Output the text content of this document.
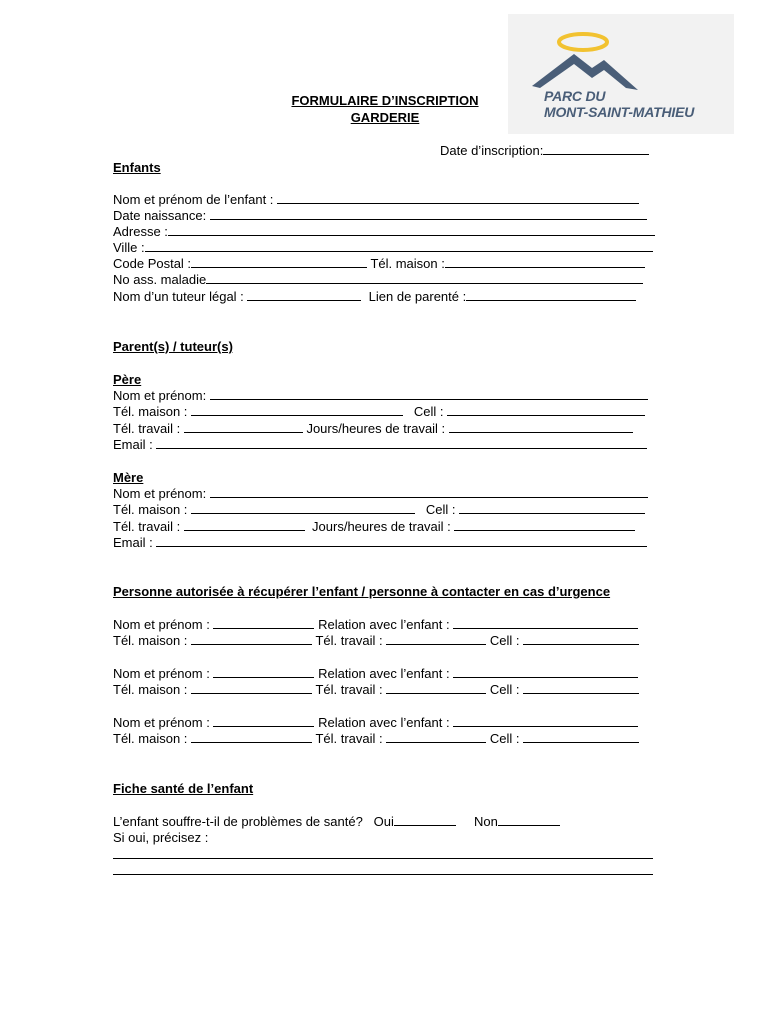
PARC DU
MONT-SAINT-MATHIEU
FORMULAIRE D’INSCRIPTION
GARDERIE
Date d’inscription:
Enfants
Nom et prénom de l’enfant :
Date naissance:
Adresse :
Ville :
Code Postal :	Tél. maison :
No ass. maladie
Nom d’un tuteur légal :	Lien de parenté :
Parent(s) / tuteur(s)
Père
Nom et prénom:
Tél. maison :	Cell :
Tél. travail :	Jours/heures de travail :
Email :
Mère
Nom et prénom:
Tél. maison :	Cell :
Tél. travail :	Jours/heures de travail :
Email :
Personne autorisée à récupérer l’enfant / personne à contacter en cas d’urgence
Nom et prénom :	Relation avec l’enfant :
Tél. maison :	Tél. travail :	Cell :
Nom et prénom :	Relation avec l’enfant :
Tél. maison :	Tél. travail :	Cell :
Nom et prénom :	Relation avec l’enfant :
Tél. maison :	Tél. travail :	Cell :
Fiche santé de l’enfant
L’enfant souffre-t-il de problèmes de santé? Oui	Non
Si oui, précisez :
